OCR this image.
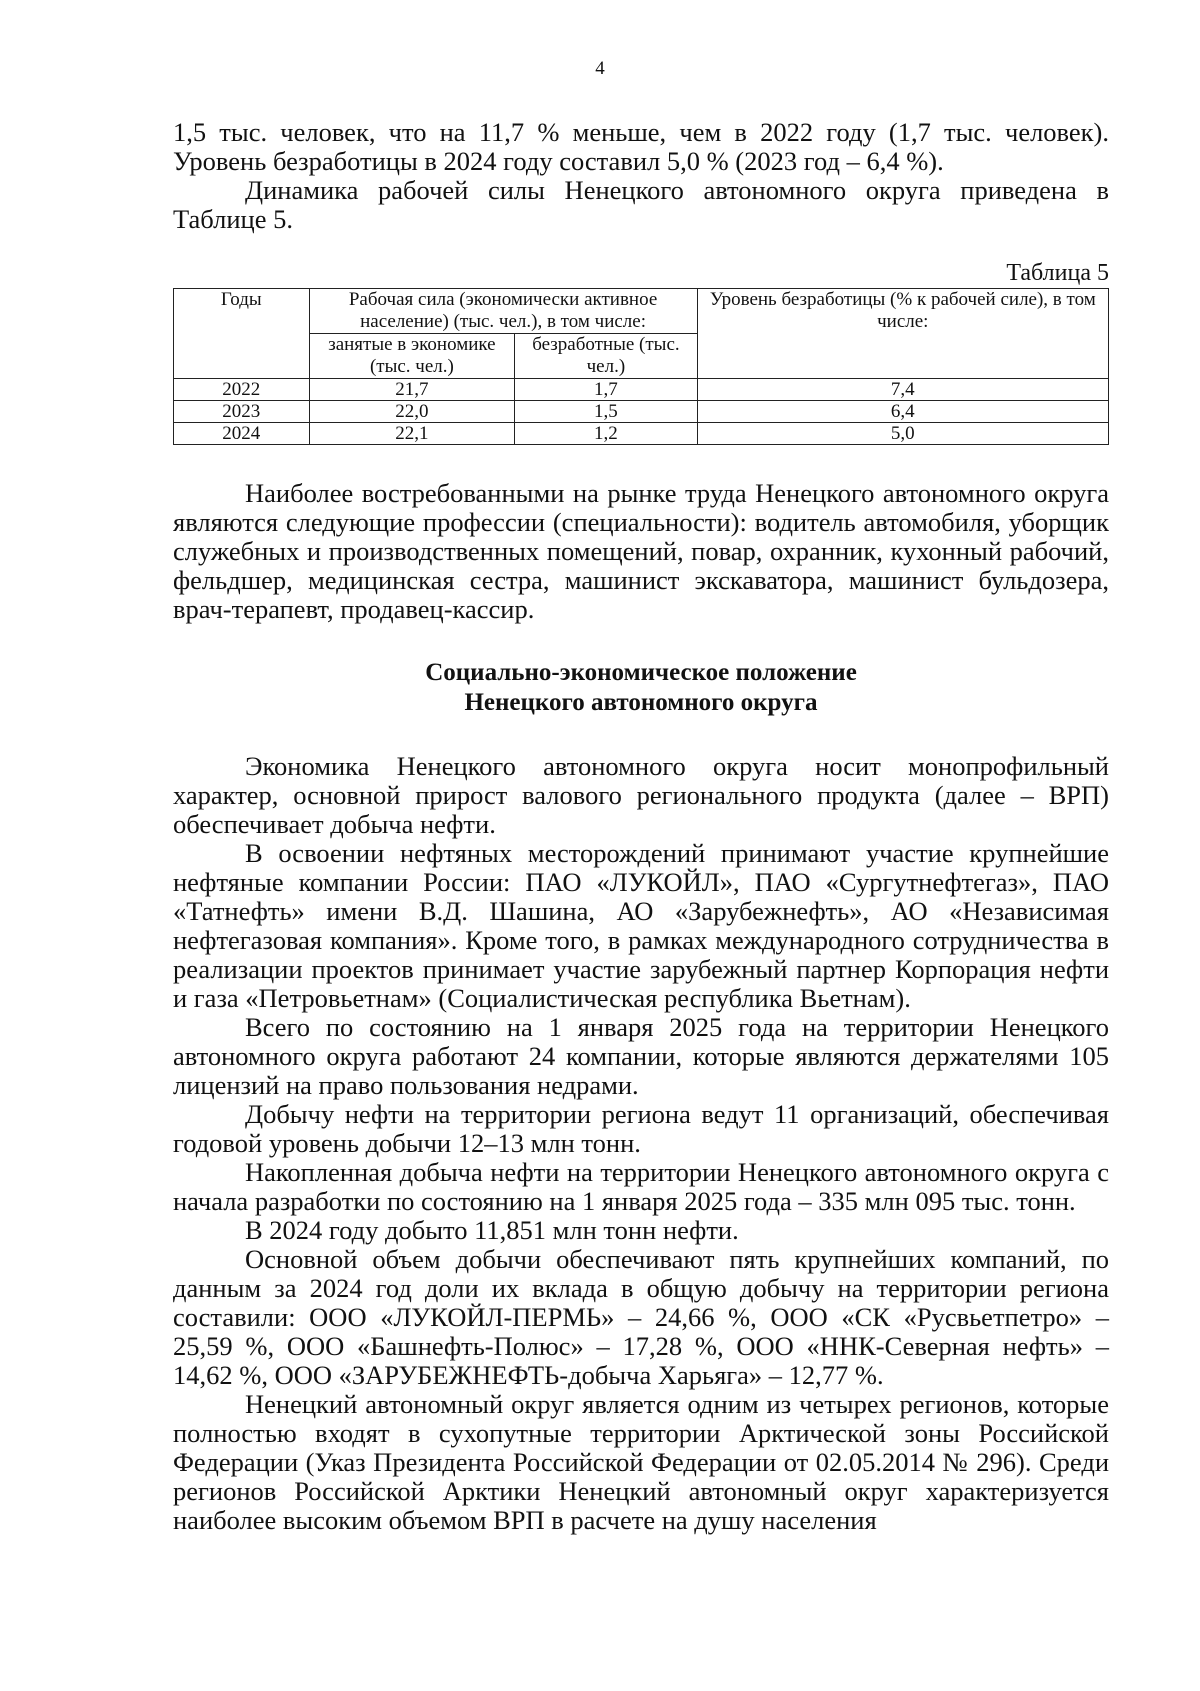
4

1,5 тыс. человек, что на 11,7 % меньше, чем в 2022 году (1,7 тыс. человек). Уровень безработицы в 2024 году составил 5,0 % (2023 год – 6,4 %).

Динамика рабочей силы Ненецкого автономного округа приведена в Таблице 5.

Таблица 5
Годы	Рабочая сила (экономически активное население) (тыс. чел.), в том числе:		Уровень безработицы (% к рабочей силе), в том числе:
	занятые в экономике (тыс. чел.)	безработные (тыс. чел.)	
2022	21,7	1,7	7,4
2023	22,0	1,5	6,4
2024	22,1	1,2	5,0

Наиболее востребованными на рынке труда Ненецкого автономного округа являются следующие профессии (специальности): водитель автомобиля, уборщик служебных и производственных помещений, повар, охранник, кухонный рабочий, фельдшер, медицинская сестра, машинист экскаватора, машинист бульдозера, врач-терапевт, продавец-кассир.

Социально-экономическое положение
Ненецкого автономного округа

Экономика Ненецкого автономного округа носит монопрофильный характер, основной прирост валового регионального продукта (далее – ВРП) обеспечивает добыча нефти.

В освоении нефтяных месторождений принимают участие крупнейшие нефтяные компании России: ПАО «ЛУКОЙЛ», ПАО «Сургутнефтегаз», ПАО «Татнефть» имени В.Д. Шашина, АО «Зарубежнефть», АО «Независимая нефтегазовая компания». Кроме того, в рамках международного сотрудничества в реализации проектов принимает участие зарубежный партнер Корпорация нефти и газа «Петровьетнам» (Социалистическая республика Вьетнам).

Всего по состоянию на 1 января 2025 года на территории Ненецкого автономного округа работают 24 компании, которые являются держателями 105 лицензий на право пользования недрами.

Добычу нефти на территории региона ведут 11 организаций, обеспечивая годовой уровень добычи 12–13 млн тонн.

Накопленная добыча нефти на территории Ненецкого автономного округа с начала разработки по состоянию на 1 января 2025 года – 335 млн 095 тыс. тонн.

В 2024 году добыто 11,851 млн тонн нефти.

Основной объем добычи обеспечивают пять крупнейших компаний, по данным за 2024 год доли их вклада в общую добычу на территории региона составили: ООО «ЛУКОЙЛ-ПЕРМЬ» – 24,66 %, ООО «СК «Русвьетпетро» – 25,59 %, ООО «Башнефть-Полюс» – 17,28 %, ООО «ННК-Северная нефть» – 14,62 %, ООО «ЗАРУБЕЖНЕФТЬ-добыча Харьяга» – 12,77 %.

Ненецкий автономный округ является одним из четырех регионов, которые полностью входят в сухопутные территории Арктической зоны Российской Федерации (Указ Президента Российской Федерации от 02.05.2014 № 296). Среди регионов Российской Арктики Ненецкий автономный округ характеризуется наиболее высоким объемом ВРП в расчете на душу населения
